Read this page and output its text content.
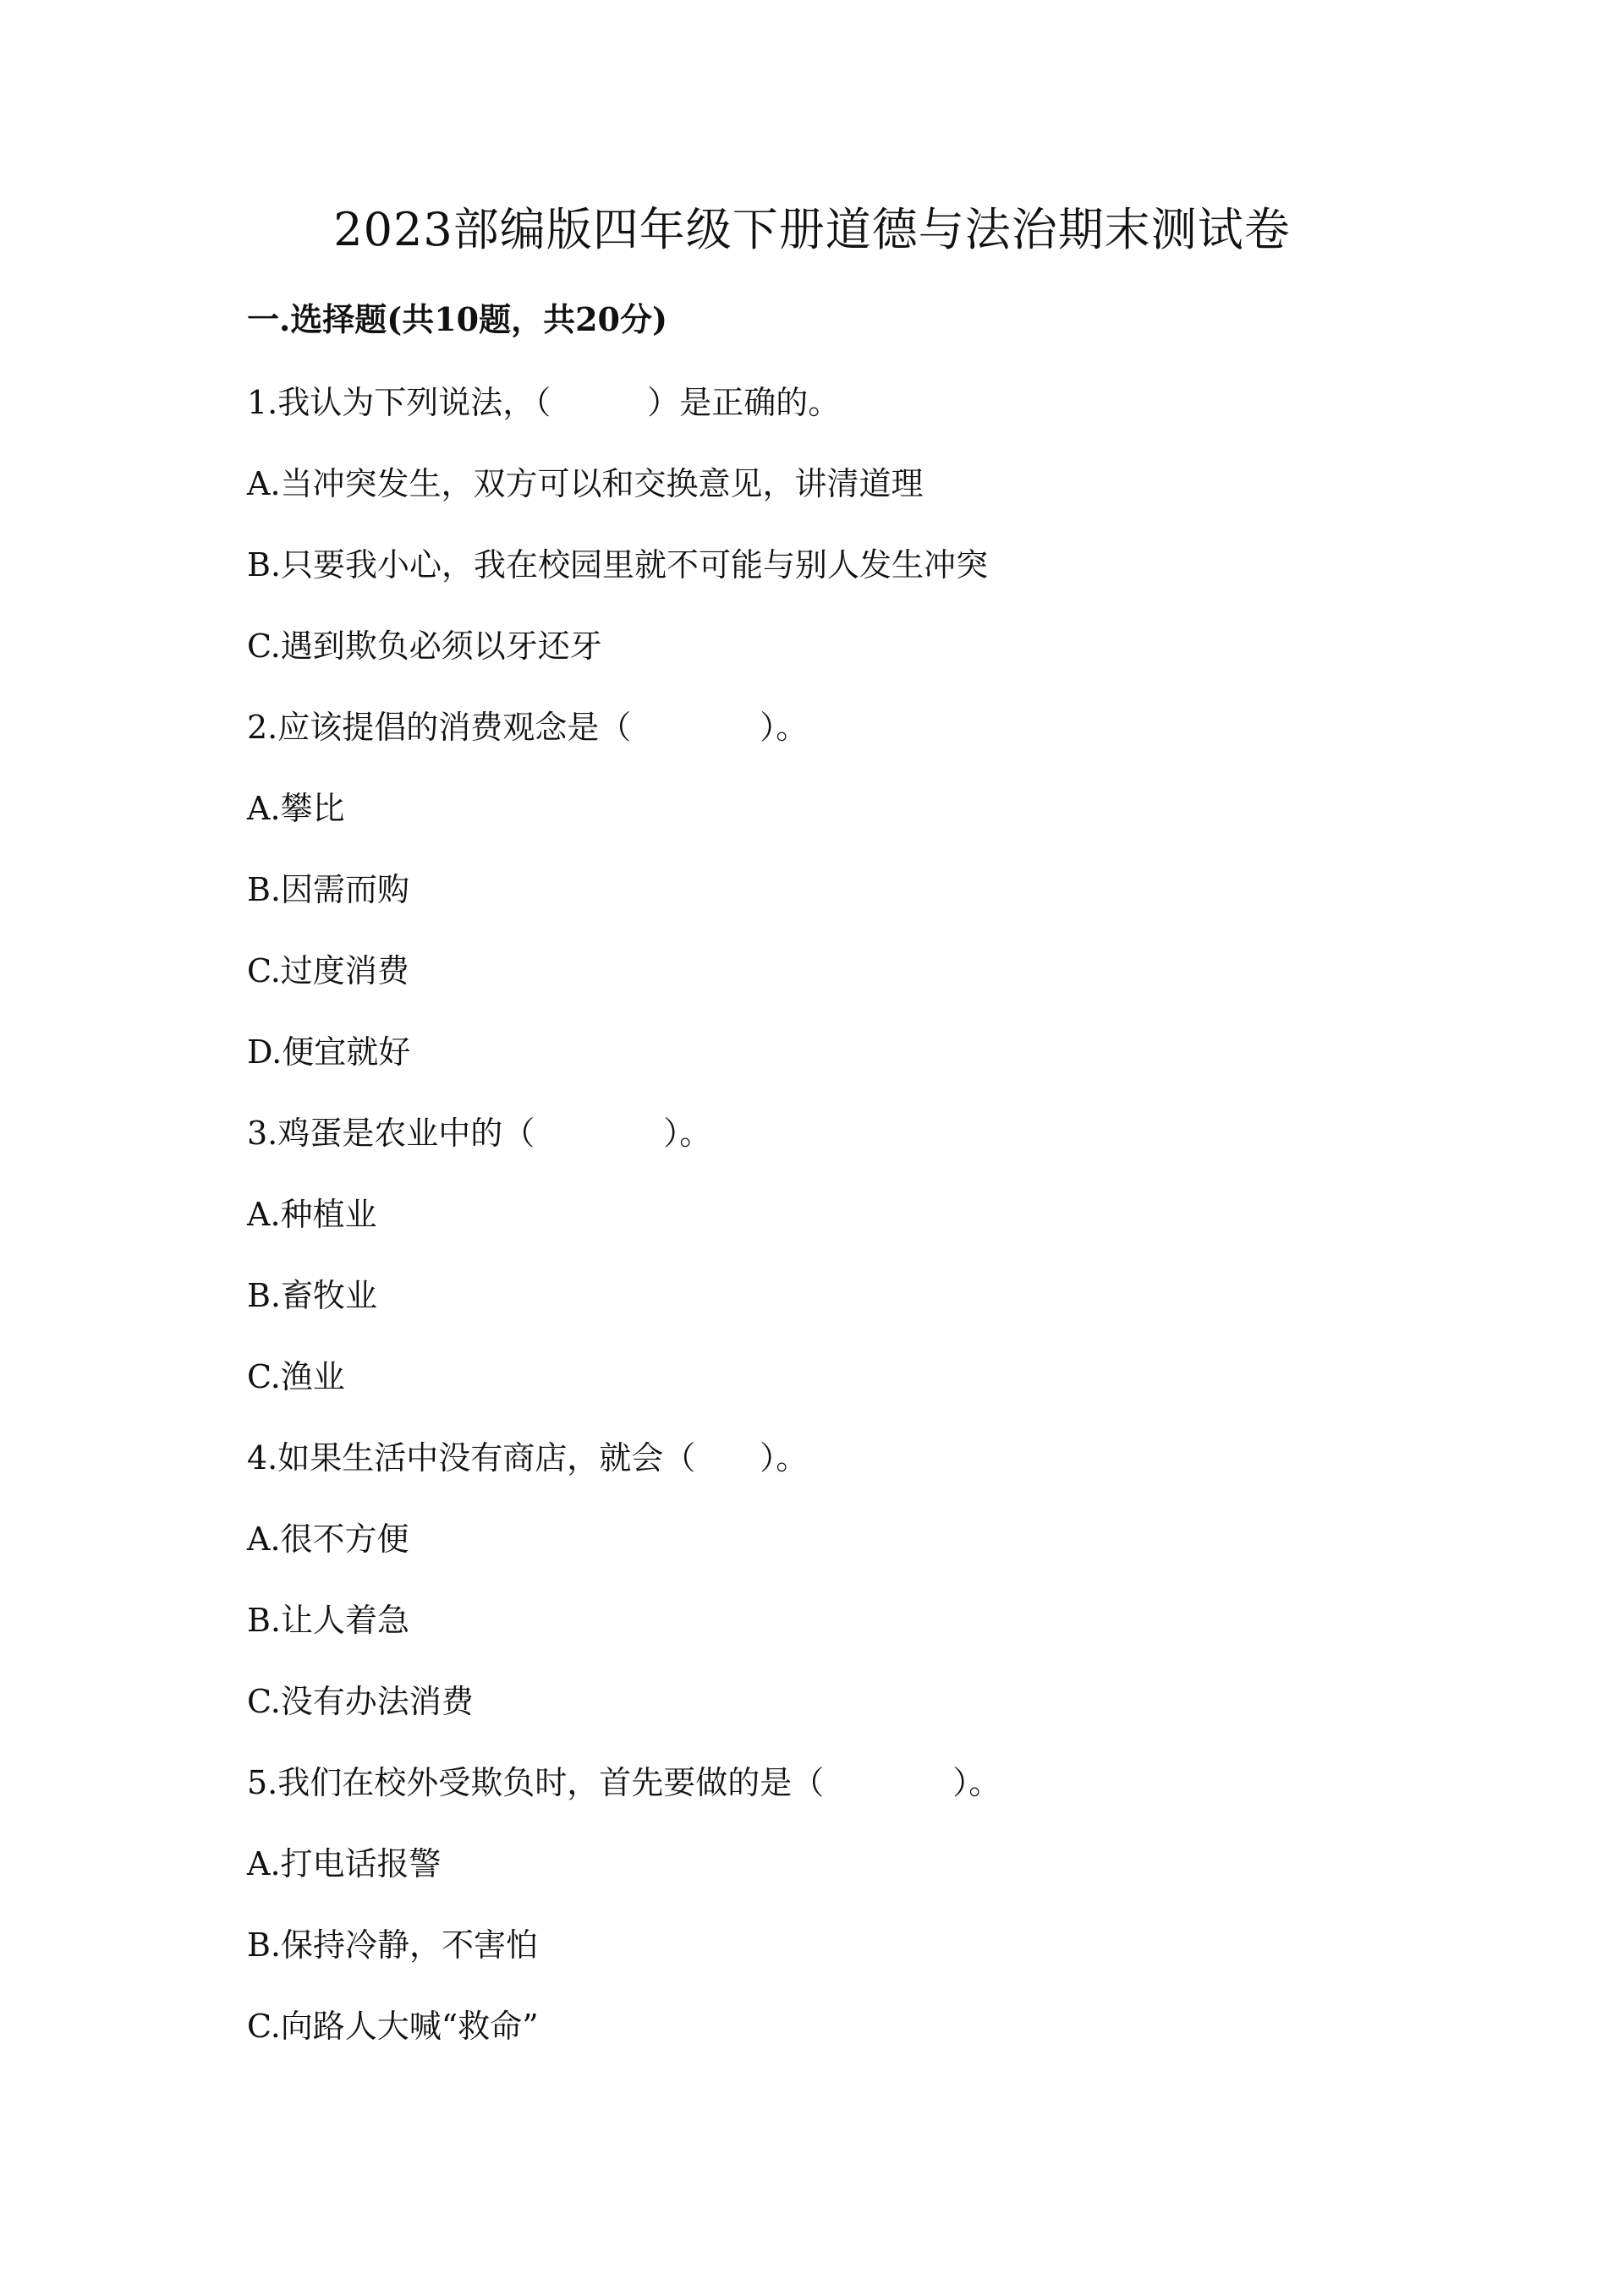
2023部编版四年级下册道德与法治期末测试卷
一.选择题(共10题，共20分)
1.我认为下列说法，（　　　）是正确的。
A.当冲突发生，双方可以和交换意见，讲清道理
B.只要我小心，我在校园里就不可能与别人发生冲突
C.遇到欺负必须以牙还牙
2.应该提倡的消费观念是（　　　　）。
A.攀比
B.因需而购
C.过度消费
D.便宜就好
3.鸡蛋是农业中的（　　　　）。
A.种植业
B.畜牧业
C.渔业
4.如果生活中没有商店，就会（　　）。
A.很不方便
B.让人着急
C.没有办法消费
5.我们在校外受欺负时，首先要做的是（　　　　）。
A.打电话报警
B.保持冷静，不害怕
C.向路人大喊“救命”
